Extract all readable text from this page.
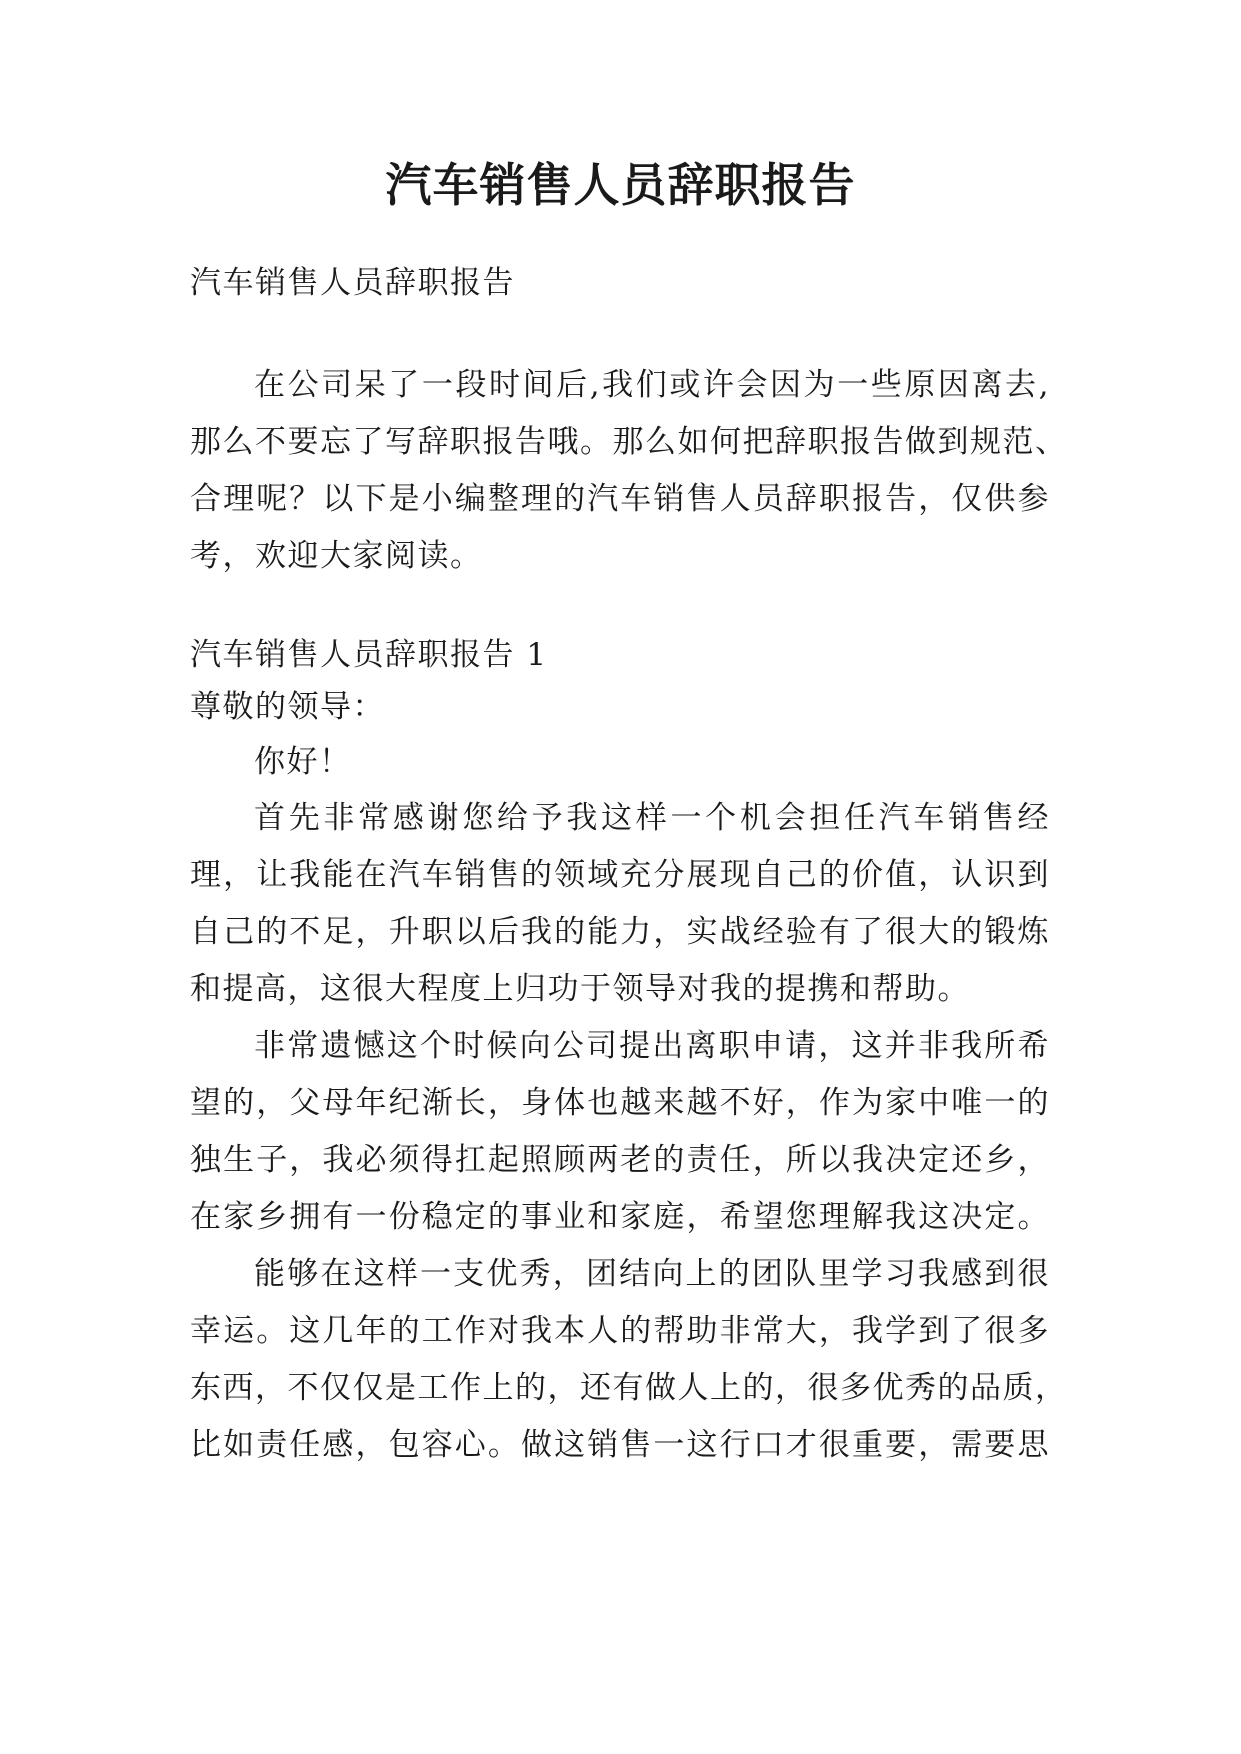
汽车销售人员辞职报告
汽车销售人员辞职报告
在公司呆了一段时间后,我们或许会因为一些原因离去,
那么不要忘了写辞职报告哦。那么如何把辞职报告做到规范、
合理呢？以下是小编整理的汽车销售人员辞职报告，仅供参
考，欢迎大家阅读。
汽车销售人员辞职报告 1
尊敬的领导：
你好！
首先非常感谢您给予我这样一个机会担任汽车销售经
理，让我能在汽车销售的领域充分展现自己的价值，认识到
自己的不足，升职以后我的能力，实战经验有了很大的锻炼
和提高，这很大程度上归功于领导对我的提携和帮助。
非常遗憾这个时候向公司提出离职申请，这并非我所希
望的，父母年纪渐长，身体也越来越不好，作为家中唯一的
独生子，我必须得扛起照顾两老的责任，所以我决定还乡，
在家乡拥有一份稳定的事业和家庭，希望您理解我这决定。
能够在这样一支优秀，团结向上的团队里学习我感到很
幸运。这几年的工作对我本人的帮助非常大，我学到了很多
东西，不仅仅是工作上的，还有做人上的，很多优秀的品质，
比如责任感，包容心。做这销售一这行口才很重要，需要思
